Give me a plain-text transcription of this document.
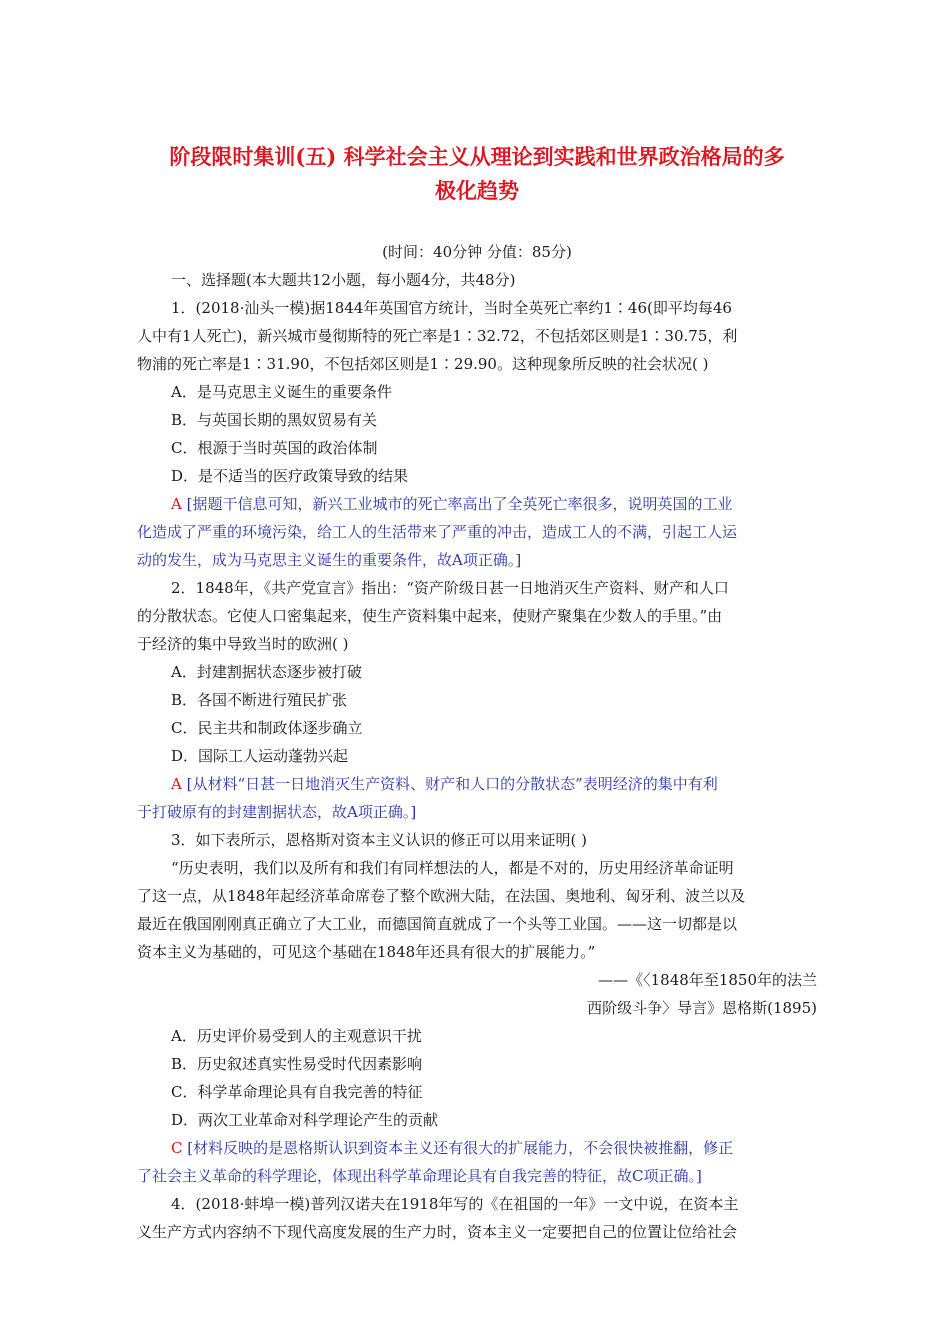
阶段限时集训(五) 科学社会主义从理论到实践和世界政治格局的多
极化趋势
(时间：40分钟 分值：85分)

一、选择题(本大题共12小题，每小题4分，共48分)

1．(2018·汕头一模)据1844年英国官方统计，当时全英死亡率约1∶46(即平均每46

人中有1人死亡)，新兴城市曼彻斯特的死亡率是1∶32.72，不包括郊区则是1∶30.75，利

物浦的死亡率是1∶31.90，不包括郊区则是1∶29.90。这种现象所反映的社会状况( )

A．是马克思主义诞生的重要条件

B．与英国长期的黑奴贸易有关

C．根源于当时英国的政治体制

D．是不适当的医疗政策导致的结果

A [据题干信息可知，新兴工业城市的死亡率高出了全英死亡率很多，说明英国的工业

化造成了严重的环境污染，给工人的生活带来了严重的冲击，造成工人的不满，引起工人运

动的发生，成为马克思主义诞生的重要条件，故A项正确。]

2．1848年，《共产党宣言》指出：“资产阶级日甚一日地消灭生产资料、财产和人口

的分散状态。它使人口密集起来，使生产资料集中起来，使财产聚集在少数人的手里。”由

于经济的集中导致当时的欧洲( )

A．封建割据状态逐步被打破

B．各国不断进行殖民扩张

C．民主共和制政体逐步确立

D．国际工人运动蓬勃兴起

A [从材料“日甚一日地消灭生产资料、财产和人口的分散状态”表明经济的集中有利

于打破原有的封建割据状态，故A项正确。]

3．如下表所示，恩格斯对资本主义认识的修正可以用来证明( )

“历史表明，我们以及所有和我们有同样想法的人，都是不对的，历史用经济革命证明

了这一点，从1848年起经济革命席卷了整个欧洲大陆，在法国、奥地利、匈牙利、波兰以及

最近在俄国刚刚真正确立了大工业，而德国简直就成了一个头等工业国。——这一切都是以

资本主义为基础的，可见这个基础在1848年还具有很大的扩展能力。”

——《〈1848年至1850年的法兰

西阶级斗争〉导言》恩格斯(1895)

A．历史评价易受到人的主观意识干扰

B．历史叙述真实性易受时代因素影响

C．科学革命理论具有自我完善的特征

D．两次工业革命对科学理论产生的贡献

C [材料反映的是恩格斯认识到资本主义还有很大的扩展能力，不会很快被推翻，修正

了社会主义革命的科学理论，体现出科学革命理论具有自我完善的特征，故C项正确。]

4．(2018·蚌埠一模)普列汉诺夫在1918年写的《在祖国的一年》一文中说，在资本主

义生产方式内容纳不下现代高度发展的生产力时，资本主义一定要把自己的位置让位给社会
